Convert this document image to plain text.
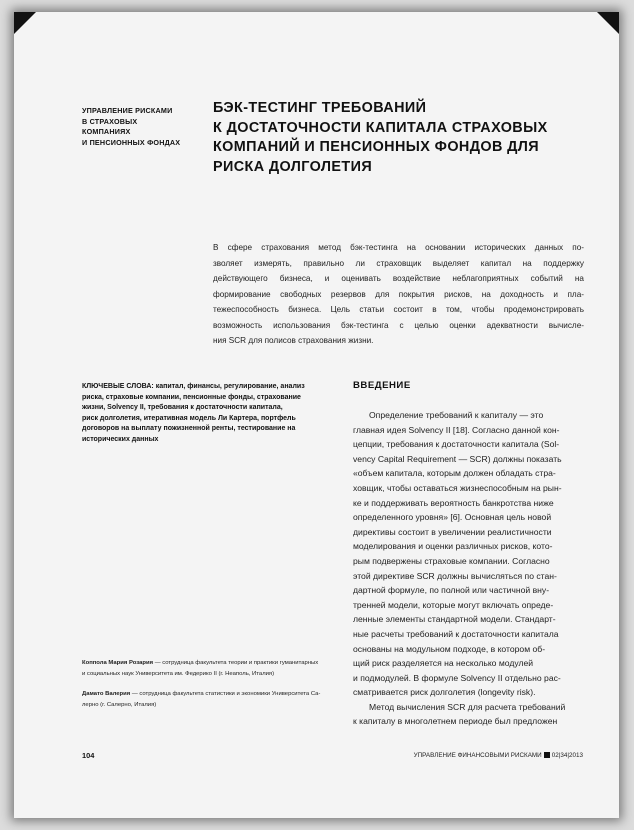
УПРАВЛЕНИЕ РИСКАМИ
В СТРАХОВЫХ
КОМПАНИЯХ
И ПЕНСИОННЫХ ФОНДАХ
БЭК-ТЕСТИНГ ТРЕБОВАНИЙ
К ДОСТАТОЧНОСТИ КАПИТАЛА СТРАХОВЫХ
КОМПАНИЙ И ПЕНСИОННЫХ ФОНДОВ ДЛЯ
РИСКА ДОЛГОЛЕТИЯ
В сфере страхования метод бэк-тестинга на основании исторических данных по-
зволяет измерять, правильно ли страховщик выделяет капитал на поддержку
действующего бизнеса, и оценивать воздействие неблагоприятных событий на
формирование свободных резервов для покрытия рисков, на доходность и пла-
тежеспособность бизнеса. Цель статьи состоит в том, чтобы продемонстрировать
возможность использования бэк-тестинга с целью оценки адекватности вычисле-
ния SCR для полисов страхования жизни.
КЛЮЧЕВЫЕ СЛОВА: капитал, финансы, регулирование, анализ
риска, страховые компании, пенсионные фонды, страхование
жизни, Solvency II, требования к достаточности капитала,
риск долголетия, итеративная модель Ли Картера, портфель
договоров на выплату пожизненной ренты, тестирование на
исторических данных
ВВЕДЕНИЕ
Определение требований к капиталу — это
главная идея Solvency II [18]. Согласно данной кон-
цепции, требования к достаточности капитала (Sol-
vency Capital Requirement — SCR) должны показать
«объем капитала, которым должен обладать стра-
ховщик, чтобы оставаться жизнеспособным на рын-
ке и поддерживать вероятность банкротства ниже
определенного уровня» [6]. Основная цель новой
директивы состоит в увеличении реалистичности
моделирования и оценки различных рисков, кото-
рым подвержены страховые компании. Согласно
этой директиве SCR должны вычисляться по стан-
дартной формуле, по полной или частичной вну-
тренней модели, которые могут включать опреде-
ленные элементы стандартной модели. Стандарт-
ные расчеты требований к достаточности капитала
основаны на модульном подходе, в котором об-
щий риск разделяется на несколько модулей
и подмодулей. В формуле Solvency II отдельно рас-
сматривается риск долголетия (longevity risk).
Метод вычисления SCR для расчета требований
к капиталу в многолетнем периоде был предложен
Коппола Мария Розария — сотрудница факультета теории и практики гуманитарных
и социальных наук Университета им. Федерико II (г. Неаполь, Италия)
Дамато Валерия — сотрудница факультета статистики и экономики Университета Са-
лерно (г. Салерно, Италия)
104	УПРАВЛЕНИЕ ФИНАНСОВЫМИ РИСКАМИ 02|34|2013
